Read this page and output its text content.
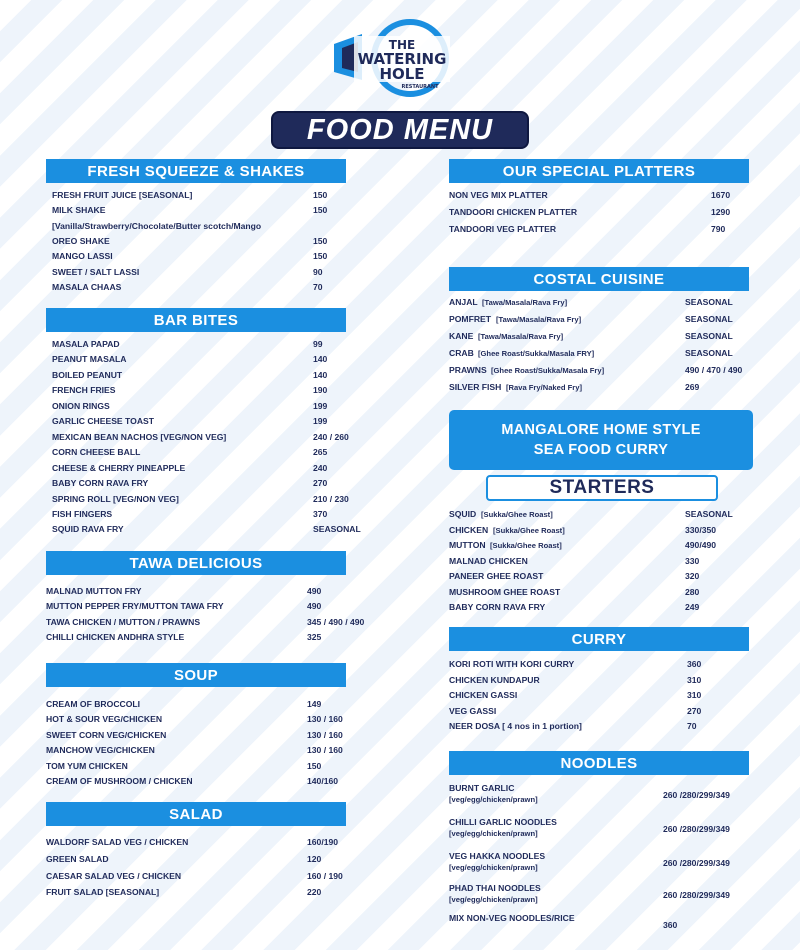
THE
WATERING
HOLE
RESTAURANT
FOOD MENU
FRESH SQUEEZE & SHAKES
FRESH FRUIT JUICE [SEASONAL]	150
MILK SHAKE	150
[Vanilla/Strawberry/Chocolate/Butter scotch/Mango
OREO SHAKE	150
MANGO LASSI	150
SWEET / SALT LASSI	90
MASALA CHAAS	70
BAR BITES
MASALA PAPAD	99
PEANUT MASALA	140
BOILED PEANUT	140
FRENCH FRIES	190
ONION RINGS	199
GARLIC CHEESE TOAST	199
MEXICAN BEAN NACHOS [VEG/NON VEG]	240 / 260
CORN CHEESE BALL	265
CHEESE & CHERRY PINEAPPLE	240
BABY CORN RAVA FRY	270
SPRING ROLL [VEG/NON VEG]	210 / 230
FISH FINGERS	370
SQUID RAVA FRY	SEASONAL
TAWA DELICIOUS
MALNAD MUTTON FRY	490
MUTTON PEPPER FRY/MUTTON TAWA FRY	490
TAWA CHICKEN / MUTTON / PRAWNS	345 / 490 / 490
CHILLI CHICKEN ANDHRA STYLE	325
SOUP
CREAM OF BROCCOLI	149
HOT & SOUR VEG/CHICKEN	130 / 160
SWEET CORN VEG/CHICKEN	130 / 160
MANCHOW VEG/CHICKEN	130 / 160
TOM YUM CHICKEN	150
CREAM OF MUSHROOM / CHICKEN	140/160
SALAD
WALDORF SALAD VEG / CHICKEN	160/190
GREEN SALAD	120
CAESAR SALAD VEG / CHICKEN	160 / 190
FRUIT SALAD [SEASONAL]	220
OUR SPECIAL PLATTERS
NON VEG MIX PLATTER	1670
TANDOORI CHICKEN PLATTER	1290
TANDOORI VEG PLATTER	790
COSTAL CUISINE
ANJAL [Tawa/Masala/Rava Fry]	SEASONAL
POMFRET [Tawa/Masala/Rava Fry]	SEASONAL
KANE [Tawa/Masala/Rava Fry]	SEASONAL
CRAB [Ghee Roast/Sukka/Masala FRY]	SEASONAL
PRAWNS [Ghee Roast/Sukka/Masala Fry]	490 / 470 / 490
SILVER FISH [Rava Fry/Naked Fry]	269
MANGALORE HOME STYLE
SEA FOOD CURRY
STARTERS
SQUID [Sukka/Ghee Roast]	SEASONAL
CHICKEN [Sukka/Ghee Roast]	330/350
MUTTON [Sukka/Ghee Roast]	490/490
MALNAD CHICKEN	330
PANEER GHEE ROAST	320
MUSHROOM GHEE ROAST	280
BABY CORN RAVA FRY	249
CURRY
KORI ROTI WITH KORI CURRY	360
CHICKEN KUNDAPUR	310
CHICKEN GASSI	310
VEG GASSI	270
NEER DOSA [ 4 nos in 1 portion]	70
NOODLES
BURNT GARLIC
[veg/egg/chicken/prawn]	260 /280/299/349
CHILLI GARLIC NOODLES
[veg/egg/chicken/prawn]	260 /280/299/349
VEG HAKKA NOODLES
[veg/egg/chicken/prawn]	260 /280/299/349
PHAD THAI NOODLES
[veg/egg/chicken/prawn]	260 /280/299/349
MIX NON-VEG NOODLES/RICE
360
